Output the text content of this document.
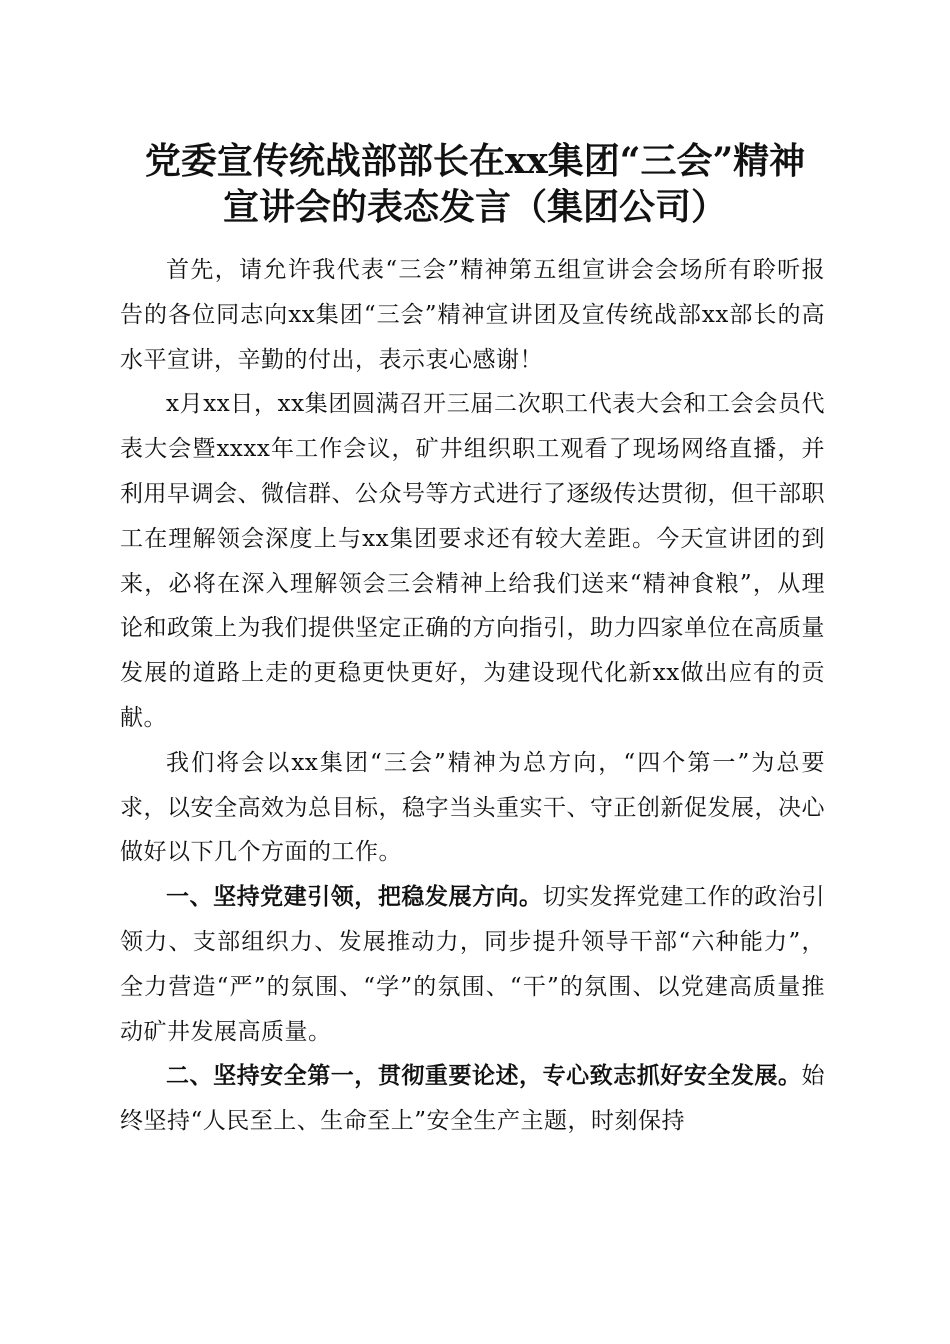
党委宣传统战部部长在xx集团“三会”精神
宣讲会的表态发言（集团公司）

首先，请允许我代表“三会”精神第五组宣讲会会场所有聆听报告的各位同志向xx集团“三会”精神宣讲团及宣传统战部xx部长的高水平宣讲，辛勤的付出，表示衷心感谢！

x月xx日，xx集团圆满召开三届二次职工代表大会和工会会员代表大会暨xxxx年工作会议，矿井组织职工观看了现场网络直播，并利用早调会、微信群、公众号等方式进行了逐级传达贯彻，但干部职工在理解领会深度上与xx集团要求还有较大差距。今天宣讲团的到来，必将在深入理解领会三会精神上给我们送来“精神食粮”，从理论和政策上为我们提供坚定正确的方向指引，助力四家单位在高质量发展的道路上走的更稳更快更好，为建设现代化新xx做出应有的贡献。

我们将会以xx集团“三会”精神为总方向，“四个第一”为总要求，以安全高效为总目标，稳字当头重实干、守正创新促发展，决心做好以下几个方面的工作。

一、坚持党建引领，把稳发展方向。切实发挥党建工作的政治引领力、支部组织力、发展推动力，同步提升领导干部“六种能力”，全力营造“严”的氛围、“学”的氛围、“干”的氛围、以党建高质量推动矿井发展高质量。

二、坚持安全第一，贯彻重要论述，专心致志抓好安全发展。始终坚持“人民至上、生命至上”安全生产主题，时刻保持
